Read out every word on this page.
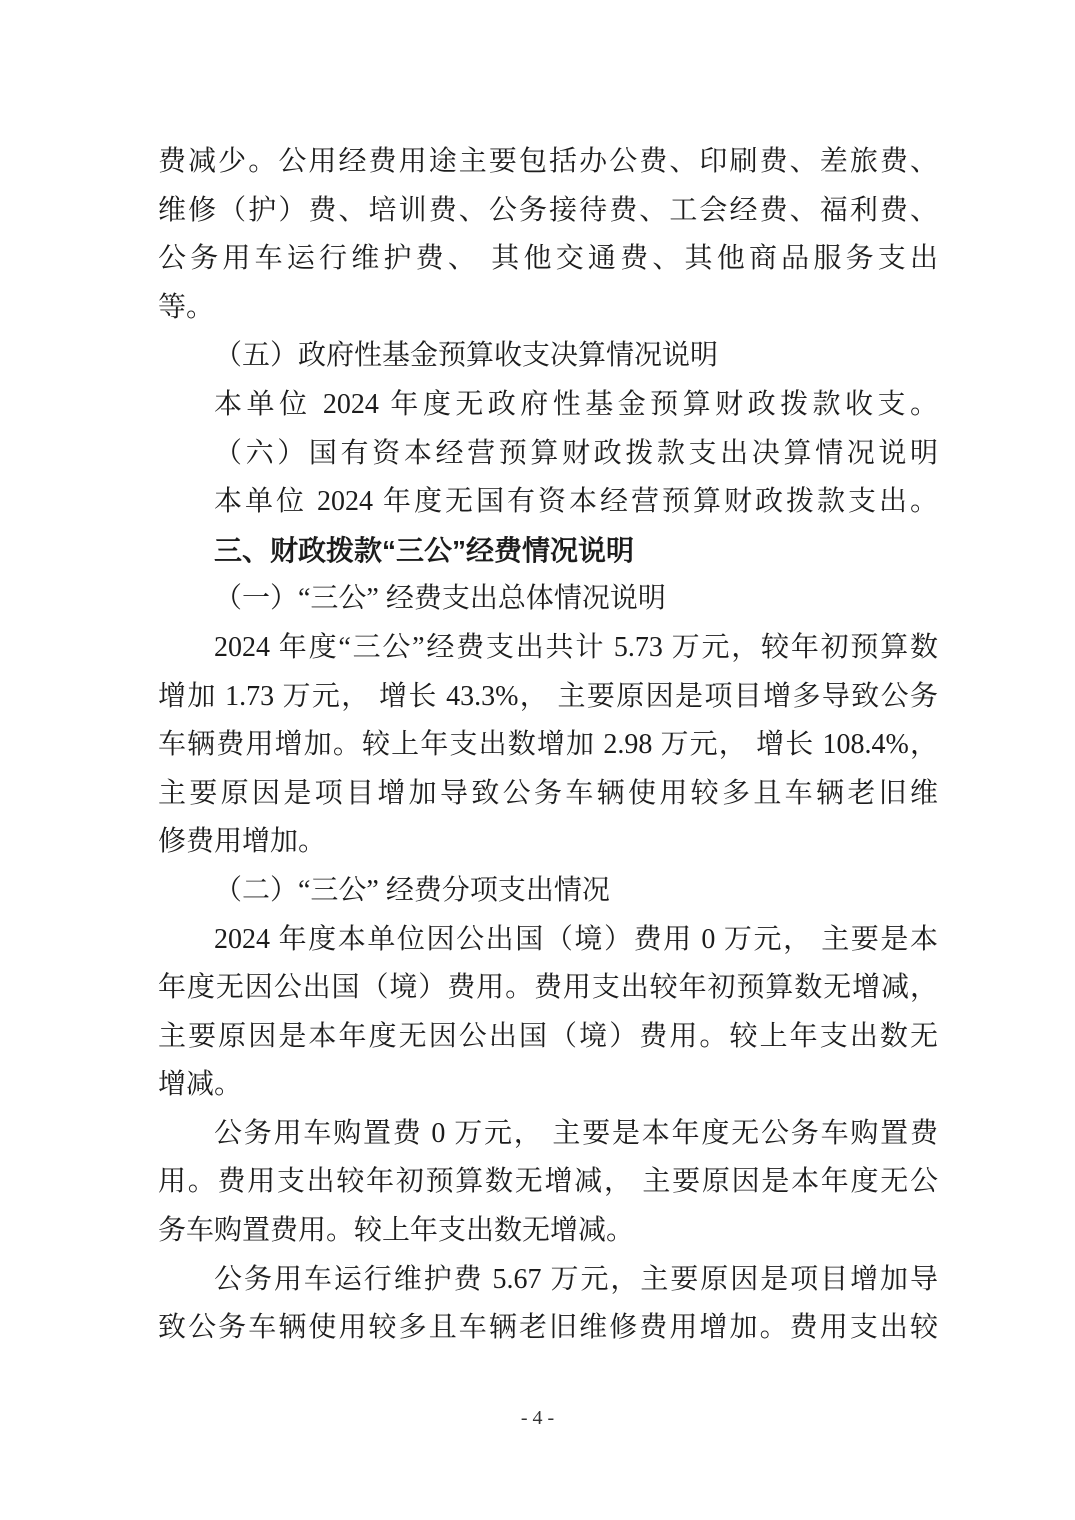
费减少。公用经费用途主要包括办公费、印刷费、差旅费、

维修（护）费、培训费、公务接待费、工会经费、福利费、

公务用车运行维护费、 其他交通费、其他商品服务支出

等。

（五）政府性基金预算收支决算情况说明

本单位 2024 年度无政府性基金预算财政拨款收支。

（六）国有资本经营预算财政拨款支出决算情况说明

本单位 2024 年度无国有资本经营预算财政拨款支出。

三、财政拨款“三公”经费情况说明

（一）“三公” 经费支出总体情况说明

2024 年度“三公”经费支出共计 5.73 万元，较年初预算数

增加 1.73 万元， 增长 43.3%， 主要原因是项目增多导致公务

车辆费用增加。较上年支出数增加 2.98 万元， 增长 108.4%，

主要原因是项目增加导致公务车辆使用较多且车辆老旧维

修费用增加。

（二）“三公” 经费分项支出情况

2024 年度本单位因公出国（境）费用 0 万元， 主要是本

年度无因公出国（境）费用。费用支出较年初预算数无增减，

主要原因是本年度无因公出国（境）费用。较上年支出数无

增减。

公务用车购置费 0 万元， 主要是本年度无公务车购置费

用。费用支出较年初预算数无增减， 主要原因是本年度无公

务车购置费用。较上年支出数无增减。

公务用车运行维护费 5.67 万元，主要原因是项目增加导

致公务车辆使用较多且车辆老旧维修费用增加。费用支出较

- 4 -
